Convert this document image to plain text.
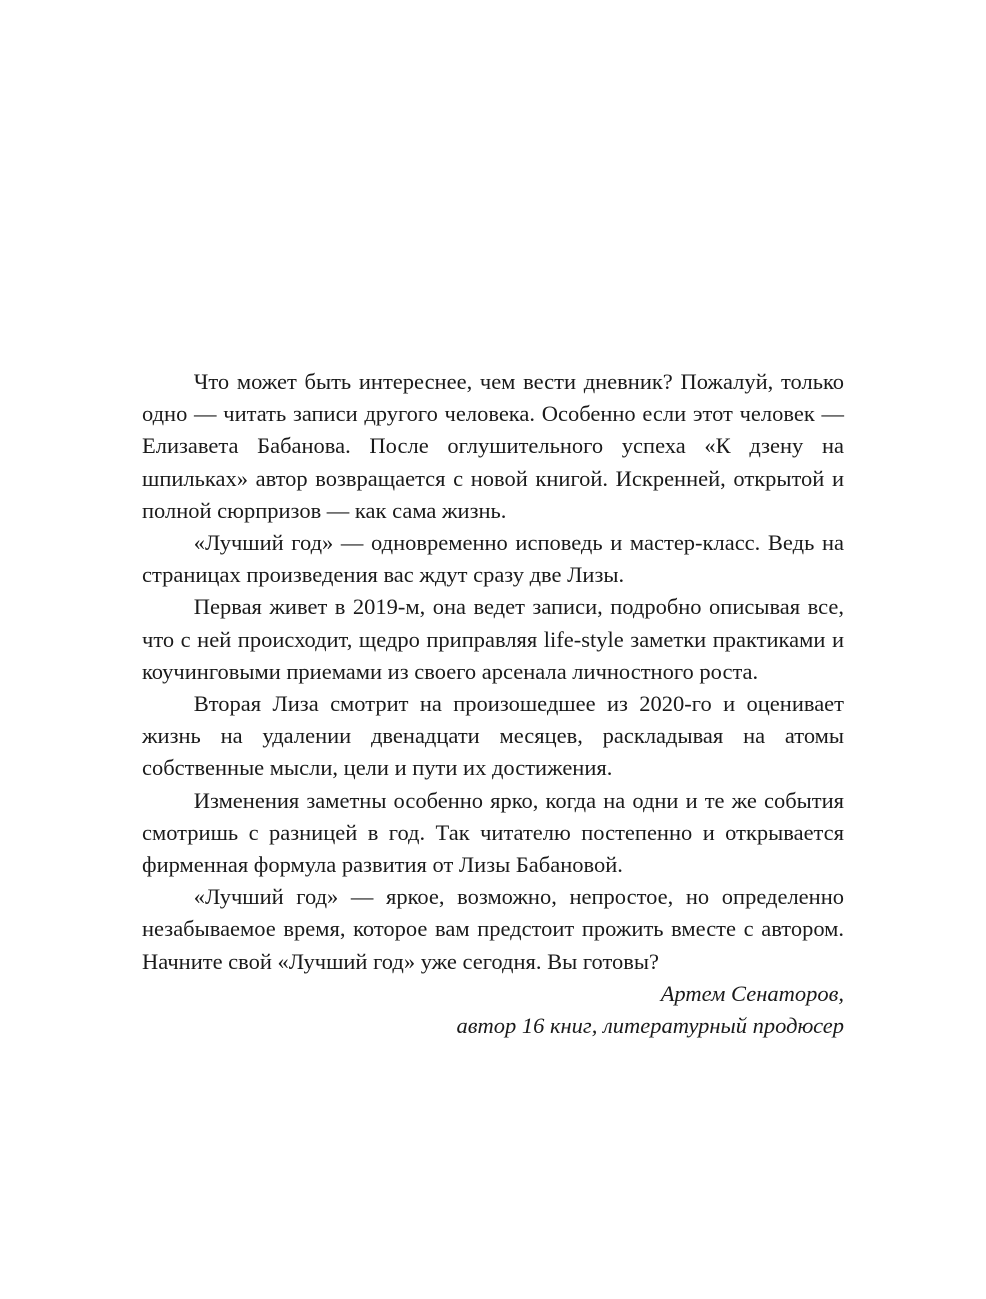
Что может быть интереснее, чем вести дневник? Пожалуй, только одно — читать записи другого человека. Особенно если этот человек — Елизавета Бабанова. После оглушительного успеха «К дзену на шпильках» автор возвращается с новой книгой. Искренней, открытой и полной сюрпризов — как сама жизнь.

«Лучший год» — одновременно исповедь и мастер-класс. Ведь на страницах произведения вас ждут сразу две Лизы.

Первая живет в 2019-м, она ведет записи, подробно описывая все, что с ней происходит, щедро приправляя life-style заметки практиками и коучинговыми приемами из своего арсенала личностного роста.

Вторая Лиза смотрит на произошедшее из 2020-го и оценивает жизнь на удалении двенадцати месяцев, раскладывая на атомы собственные мысли, цели и пути их достижения.

Изменения заметны особенно ярко, когда на одни и те же события смотришь с разницей в год. Так читателю постепенно и открывается фирменная формула развития от Лизы Бабановой.

«Лучший год» — яркое, возможно, непростое, но определенно незабываемое время, которое вам предстоит прожить вместе с автором. Начните свой «Лучший год» уже сегодня. Вы готовы?

Артем Сенаторов,

автор 16 книг, литературный продюсер
